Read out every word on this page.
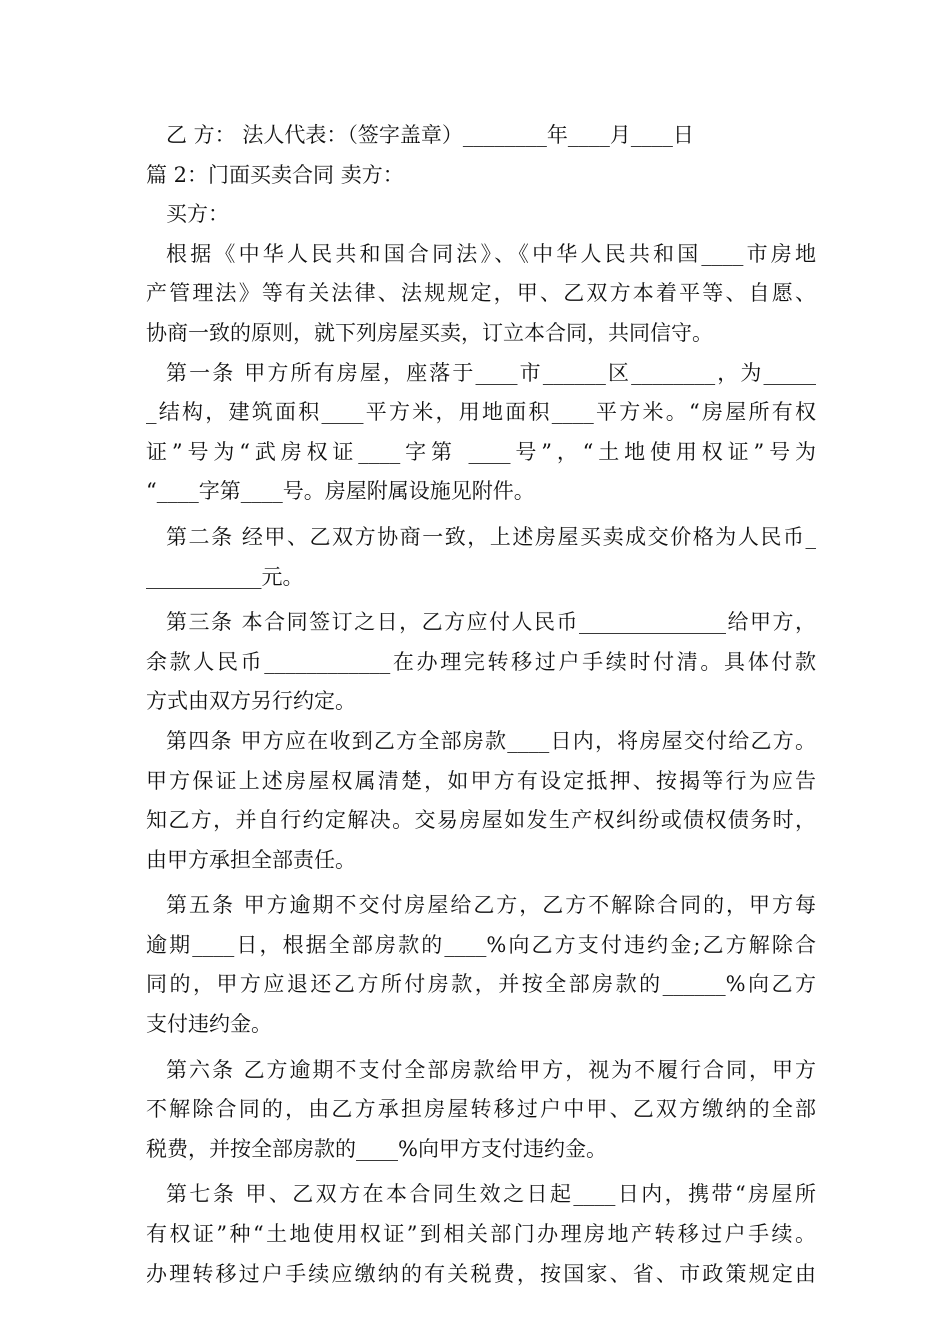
乙 方： 法人代表：（签字盖章）________年____月____日
篇 2：门面买卖合同 卖方：
买方：
根据《中华人民共和国合同法》、《中华人民共和国____市房地
产管理法》等有关法律、法规规定，甲、乙双方本着平等、自愿、
协商一致的原则，就下列房屋买卖，订立本合同，共同信守。
第一条 甲方所有房屋，座落于____市______区________，为_____
_结构，建筑面积____平方米，用地面积____平方米。“房屋所有权
证”号为“武房权证____字第 ____号”，“土地使用权证”号为
“____字第____号。房屋附属设施见附件。
第二条 经甲、乙双方协商一致，上述房屋买卖成交价格为人民币_
___________元。
第三条 本合同签订之日，乙方应付人民币______________给甲方，
余款人民币____________在办理完转移过户手续时付清。具体付款
方式由双方另行约定。
第四条 甲方应在收到乙方全部房款____日内，将房屋交付给乙方。
甲方保证上述房屋权属清楚，如甲方有设定抵押、按揭等行为应告
知乙方，并自行约定解决。交易房屋如发生产权纠纷或债权债务时，
由甲方承担全部责任。
第五条 甲方逾期不交付房屋给乙方，乙方不解除合同的，甲方每
逾期____日，根据全部房款的____%向乙方支付违约金;乙方解除合
同的，甲方应退还乙方所付房款，并按全部房款的______%向乙方
支付违约金。
第六条 乙方逾期不支付全部房款给甲方，视为不履行合同，甲方
不解除合同的，由乙方承担房屋转移过户中甲、乙双方缴纳的全部
税费，并按全部房款的____%向甲方支付违约金。
第七条 甲、乙双方在本合同生效之日起____日内，携带“房屋所
有权证”种“土地使用权证”到相关部门办理房地产转移过户手续。
办理转移过户手续应缴纳的有关税费，按国家、省、市政策规定由
